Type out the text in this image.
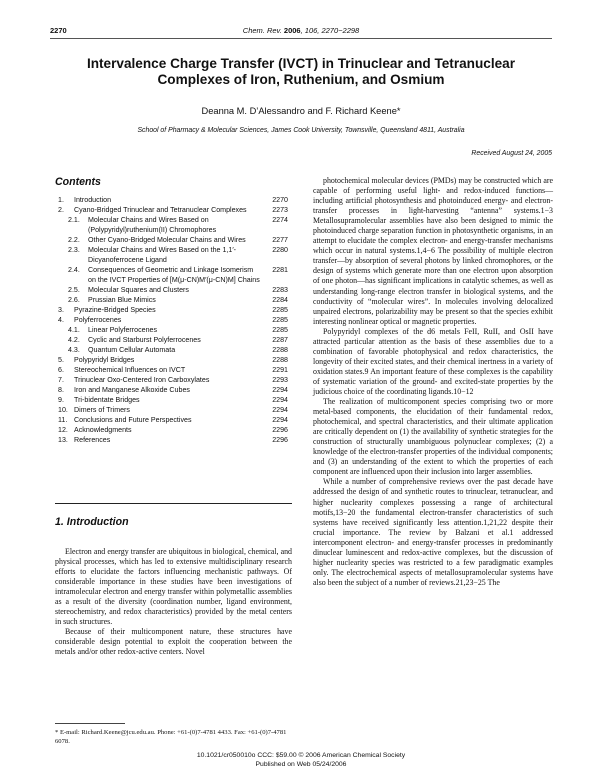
2270	Chem. Rev. 2006, 106, 2270−2298
Intervalence Charge Transfer (IVCT) in Trinuclear and Tetranuclear Complexes of Iron, Ruthenium, and Osmium
Deanna M. D’Alessandro and F. Richard Keene*
School of Pharmacy & Molecular Sciences, James Cook University, Townsville, Queensland 4811, Australia
Received August 24, 2005
Contents
1.	Introduction	2270
2.	Cyano-Bridged Trinuclear and Tetranuclear Complexes	2273
2.1.	Molecular Chains and Wires Based on (Polypyridyl)ruthenium(II) Chromophores
2274
2.2.	Other Cyano-Bridged Molecular Chains and Wires	2277
2.3.	Molecular Chains and Wires Based on the 1,1′-Dicyanoferrocene Ligand
2280
2.4.	Consequences of Geometric and Linkage Isomerism on the IVCT Properties of [M(μ-CN)M′(μ-CN)M] Chains
2281
2.5.	Molecular Squares and Clusters	2283
2.6.	Prussian Blue Mimics	2284
3.	Pyrazine-Bridged Species	2285
4.	Polyferrocenes	2285
4.1.	Linear Polyferrocenes	2285
4.2.	Cyclic and Starburst Polyferrocenes	2287
4.3.	Quantum Cellular Automata	2288
5.	Polypyridyl Bridges	2288
6.	Stereochemical Influences on IVCT	2291
7.	Trinuclear Oxo-Centered Iron Carboxylates	2293
8.	Iron and Manganese Alkoxide Cubes	2294
9.	Tri-bidentate Bridges	2294
10. Dimers of Trimers	2294
11. Conclusions and Future Perspectives	2294
12. Acknowledgments	2296
13. References	2296
1. Introduction

Electron and energy transfer are ubiquitous in biological, chemical, and physical processes, which has led to extensive multidisciplinary research efforts to elucidate the factors influencing mechanistic pathways. Of considerable importance in these studies have been investigations of intramolecular electron and energy transfer within polymetallic assemblies as a result of the diversity (coordination number, ligand environment, stereochemistry, and redox characteristics) provided by the metal centers in such structures.

Because of their multicomponent nature, these structures have considerable design potential to exploit the cooperation between the metals and/or other redox-active centers. Novel

* E-mail: Richard.Keene@jcu.edu.au. Phone: +61-(0)7-4781 4433. Fax: +61-(0)7-4781 6078.

photochemical molecular devices (PMDs) may be constructed which are capable of performing useful light- and redox-induced functions—including artificial photosynthesis and photoinduced energy- and electron-transfer processes in light-harvesting “antenna” systems.1−3 Metallosupramolecular assemblies have also been designed to mimic the photoinduced charge separation function in photosynthetic organisms, in an attempt to elucidate the complex electron- and energy-transfer mechanisms which occur in natural systems.1,4−6 The possibility of multiple electron transfer—by absorption of several photons by linked chromophores, or the design of systems which generate more than one electron upon absorption of one photon—has significant implications in catalytic schemes, as well as understanding long-range electron transfer in biological systems, and the conductivity of “molecular wires”. In molecules involving delocalized unpaired electrons, polarizability may be present so that the species exhibit interesting nonlinear optical or magnetic properties.

Polypyridyl complexes of the d6 metals FeII, RuII, and OsII have attracted particular attention as the basis of these assemblies due to a combination of favorable photophysical and redox characteristics, the longevity of their excited states, and their chemical inertness in a variety of oxidation states.9 An important feature of these complexes is the capability of systematic variation of the ground- and excited-state properties by the judicious choice of the coordinating ligands.10−12

The realization of multicomponent species comprising two or more metal-based components, the elucidation of their fundamental redox, photochemical, and spectral characteristics, and their ultimate application are critically dependent on (1) the availability of synthetic strategies for the construction of structurally unambiguous polynuclear complexes; (2) a knowledge of the electron-transfer properties of the individual components; and (3) an understanding of the extent to which the properties of each component are influenced upon their inclusion into larger assemblies.

While a number of comprehensive reviews over the past decade have addressed the design of and synthetic routes to trinuclear, tetranuclear, and higher nuclearity complexes possessing a range of architectural motifs,13−20 the fundamental electron-transfer characteristics of such systems have received significantly less attention.1,21,22 despite their crucial importance. The review by Balzani et al.1 addressed intercomponent electron- and energy-transfer processes in predominantly dinuclear luminescent and redox-active complexes, but the discussion of higher nuclearity species was restricted to a few paradigmatic examples only. The electrochemical aspects of metallosupramolecular systems have also been the subject of a number of reviews.21,23−25 The

10.1021/cr050010o CCC: $59.00 © 2006 American Chemical Society
Published on Web 05/24/2006
